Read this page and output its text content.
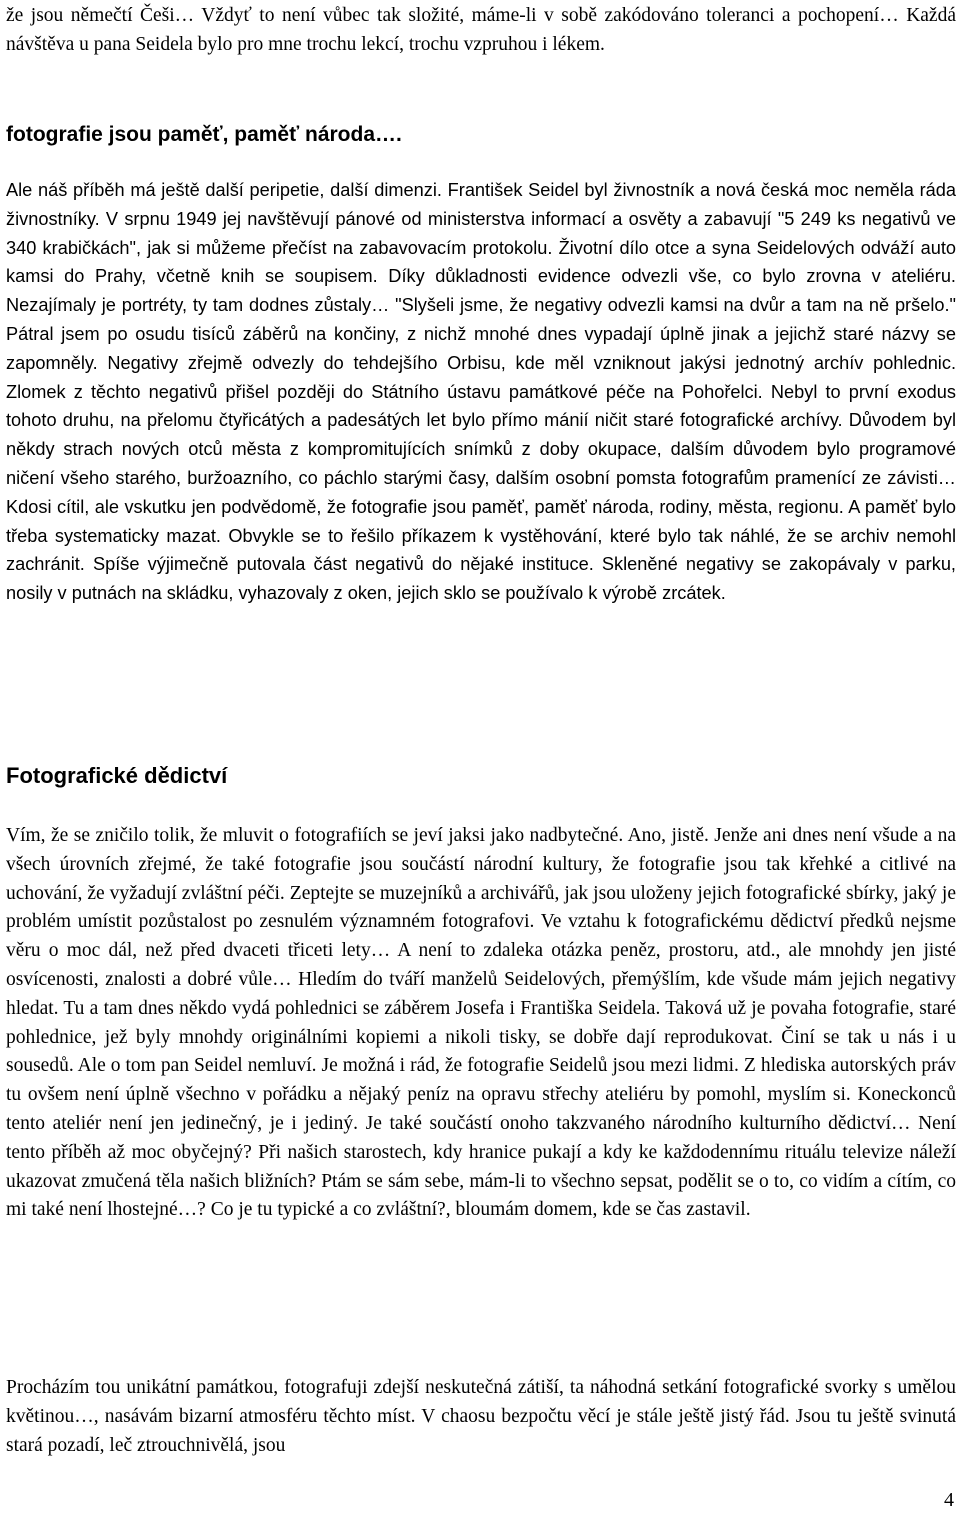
že jsou němečtí Češi… Vždyť to není vůbec tak složité, máme-li v sobě zakódováno toleranci a pochopení… Každá návštěva u pana Seidela bylo pro mne trochu lekcí, trochu vzpruhou i lékem.

fotografie jsou paměť, paměť národa….

Ale náš příběh má ještě další peripetie, další dimenzi. František Seidel byl živnostník a nová česká moc neměla ráda živnostníky. V srpnu 1949 jej navštěvují pánové od ministerstva informací a osvěty a zabavují "5 249 ks negativů ve 340 krabičkách", jak si můžeme přečíst na zabavovacím protokolu. Životní dílo otce a syna Seidelových odváží auto kamsi do Prahy, včetně knih se soupisem. Díky důkladnosti evidence odvezli vše, co bylo zrovna v ateliéru. Nezajímaly je portréty, ty tam dodnes zůstaly… "Slyšeli jsme, že negativy odvezli kamsi na dvůr a tam na ně pršelo." Pátral jsem po osudu tisíců záběrů na končiny, z nichž mnohé dnes vypadají úplně jinak a jejichž staré názvy se zapomněly. Negativy zřejmě odvezly do tehdejšího Orbisu, kde měl vzniknout jakýsi jednotný archív pohlednic. Zlomek z těchto negativů přišel později do Státního ústavu památkové péče na Pohořelci. Nebyl to první exodus tohoto druhu, na přelomu čtyřicátých a padesátých let bylo přímo mánií ničit staré fotografické archívy. Důvodem byl někdy strach nových otců města z kompromitujících snímků z doby okupace, dalším důvodem bylo programové ničení všeho starého, buržoazního, co páchlo starými časy, dalším osobní pomsta fotografům pramenící ze závisti… Kdosi cítil, ale vskutku jen podvědomě, že fotografie jsou paměť, paměť národa, rodiny, města, regionu. A paměť bylo třeba systematicky mazat. Obvykle se to řešilo příkazem k vystěhování, které bylo tak náhlé, že se archiv nemohl zachránit. Spíše výjimečně putovala část negativů do nějaké instituce. Skleněné negativy se zakopávaly v parku, nosily v putnách na skládku, vyhazovaly z oken, jejich sklo se používalo k výrobě zrcátek.

Fotografické dědictví

Vím, že se zničilo tolik, že mluvit o fotografiích se jeví jaksi jako nadbytečné. Ano, jistě. Jenže ani dnes není všude a na všech úrovních zřejmé, že také fotografie jsou součástí národní kultury, že fotografie jsou tak křehké a citlivé na uchování, že vyžadují zvláštní péči. Zeptejte se muzejníků a archivářů, jak jsou uloženy jejich fotografické sbírky, jaký je problém umístit pozůstalost po zesnulém významném fotografovi. Ve vztahu k fotografickému dědictví předků nejsme věru o moc dál, než před dvaceti třiceti lety… A není to zdaleka otázka peněz, prostoru, atd., ale mnohdy jen jisté osvícenosti, znalosti a dobré vůle… Hledím do tváří manželů Seidelových, přemýšlím, kde všude mám jejich negativy hledat. Tu a tam dnes někdo vydá pohlednici se záběrem Josefa i Františka Seidela. Taková už je povaha fotografie, staré pohlednice, jež byly mnohdy originálními kopiemi a nikoli tisky, se dobře dají reprodukovat. Činí se tak u nás i u sousedů. Ale o tom pan Seidel nemluví. Je možná i rád, že fotografie Seidelů jsou mezi lidmi. Z hlediska autorských práv tu ovšem není úplně všechno v pořádku a nějaký peníz na opravu střechy ateliéru by pomohl, myslím si. Koneckonců tento ateliér není jen jedinečný, je i jediný. Je také součástí onoho takzvaného národního kulturního dědictví… Není tento příběh až moc obyčejný? Při našich starostech, kdy hranice pukají a kdy ke každodennímu rituálu televize náleží ukazovat zmučená těla našich bližních? Ptám se sám sebe, mám-li to všechno sepsat, podělit se o to, co vidím a cítím, co mi také není lhostejné…? Co je tu typické a co zvláštní?, bloumám domem, kde se čas zastavil.

Procházím tou unikátní památkou, fotografuji zdejší neskutečná zátiší, ta náhodná setkání fotografické svorky s umělou květinou…, nasávám bizarní atmosféru těchto míst. V chaosu bezpočtu věcí je stále ještě jistý řád. Jsou tu ještě svinutá stará pozadí, leč ztrouchnivělá, jsou

4
